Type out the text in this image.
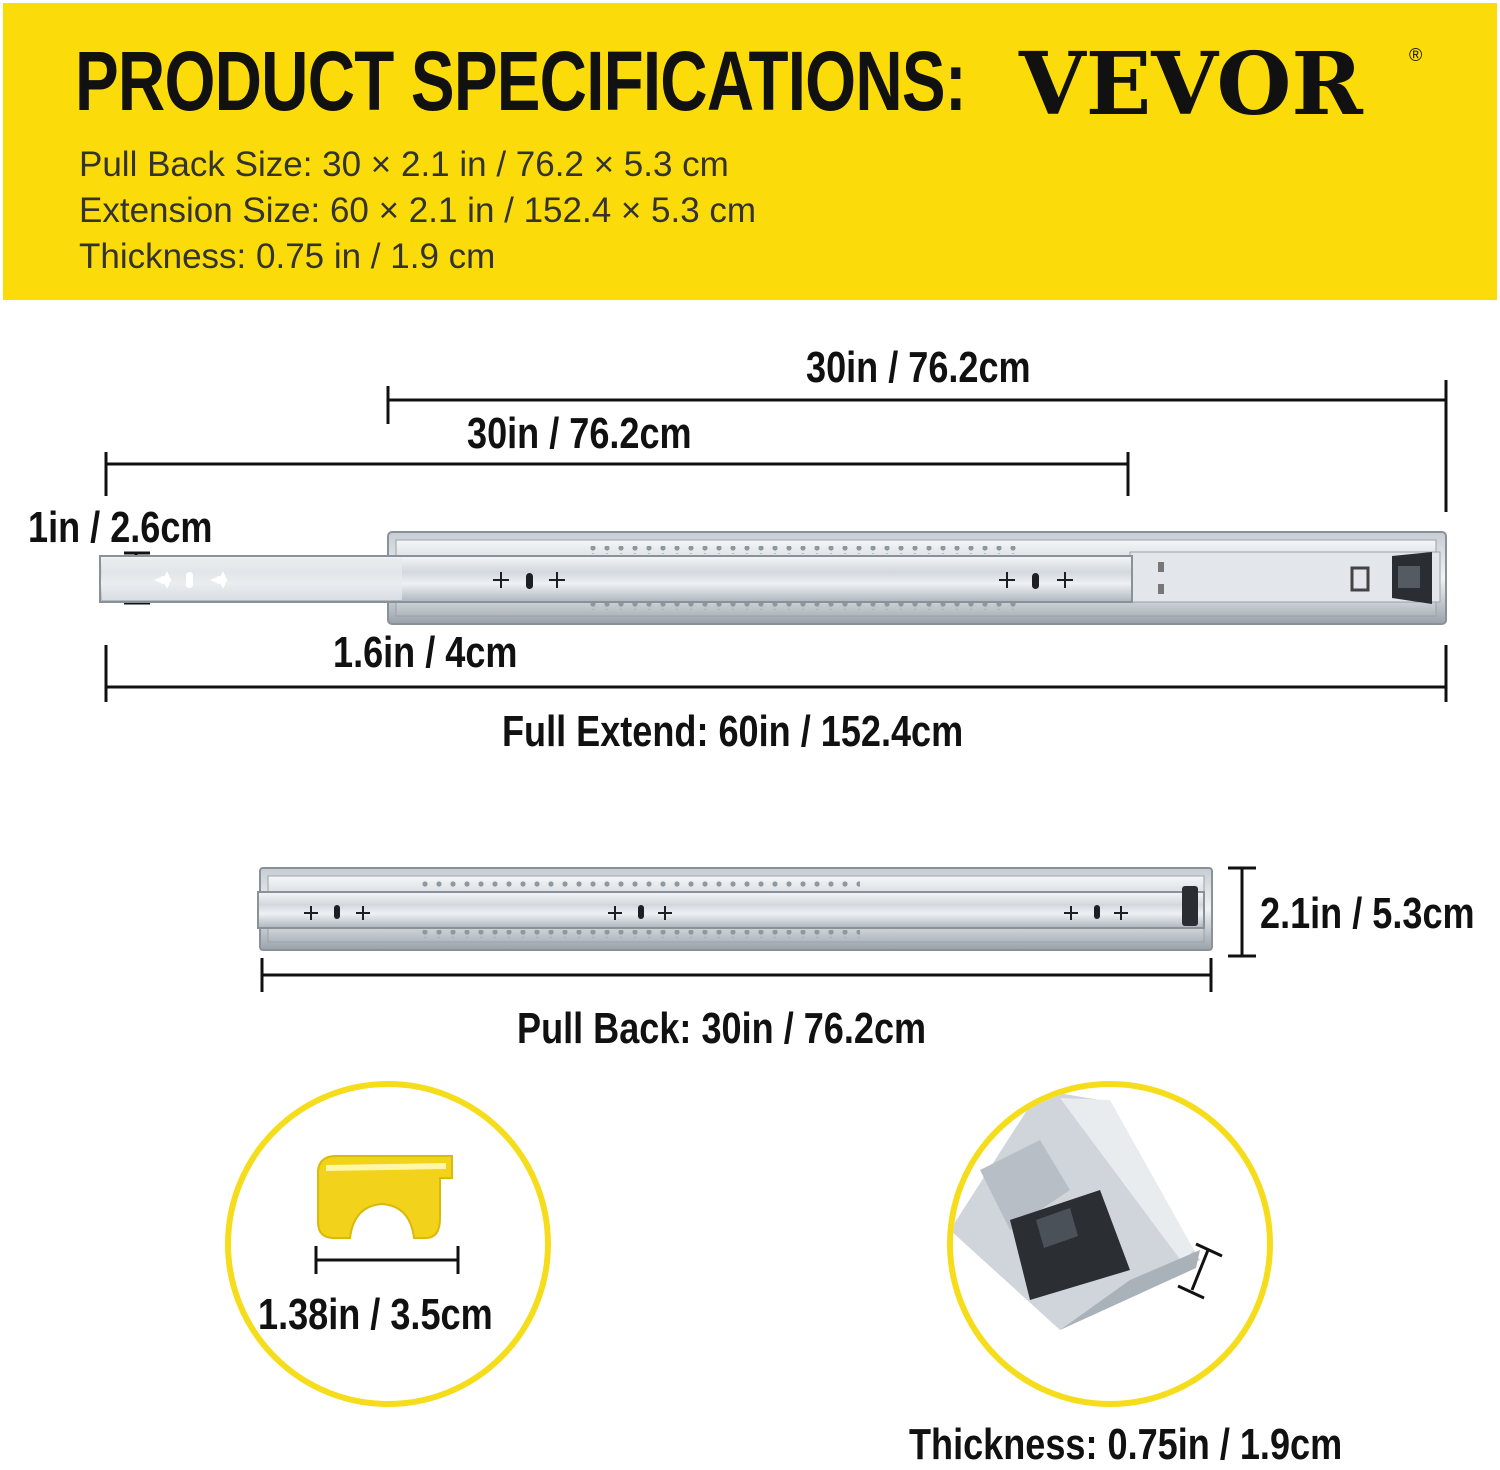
PRODUCT SPECIFICATIONS: VEVOR	®
Pull Back Size: 30 × 2.1 in / 76.2 × 5.3 cm
Extension Size: 60 × 2.1 in / 152.4 × 5.3 cm
Thickness: 0.75 in / 1.9 cm
30in / 76.2cm
30in / 76.2cm
1in / 2.6cm
1.6in / 4cm
Full Extend: 60in / 152.4cm
2.1in / 5.3cm
Pull Back: 30in / 76.2cm
1.38in / 3.5cm
Thickness: 0.75in / 1.9cm
